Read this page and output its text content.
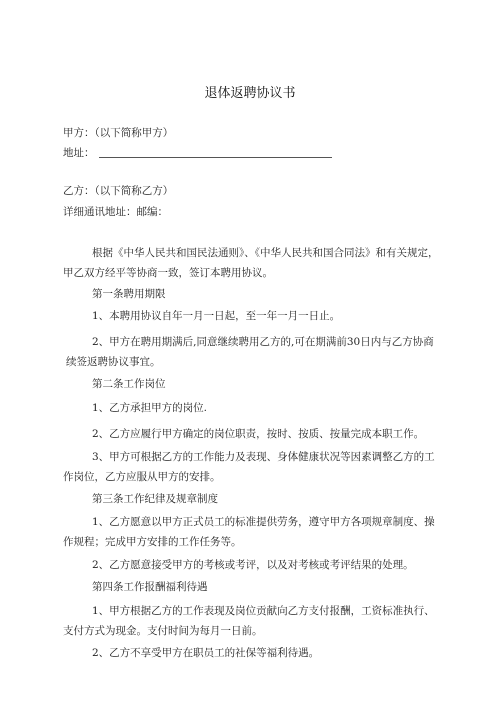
退体返聘协议书
甲方：（以下简称甲方）
地址：
乙方：（以下简称乙方）
详细通讯地址：邮编：
根据《中华人民共和国民法通则》、《中华人民共和国合同法》和有关规定，
甲乙双方经平等协商一致，签订本聘用协议。
第一条聘用期限
1、本聘用协议自年一月一日起，至一年一月一日止。
2、甲方在聘用期满后,同意继续聘用乙方的,可在期满前30日内与乙方协商
续签返聘协议事宜。
第二条工作岗位
1、乙方承担甲方的岗位.
2、乙方应履行甲方确定的岗位职责，按时、按质、按量完成本职工作。
3、甲方可根据乙方的工作能力及表现、身体健康状况等因素调整乙方的工
作岗位，乙方应服从甲方的安排。
第三条工作纪律及规章制度
1、乙方愿意以甲方正式员工的标准提供劳务，遵守甲方各项规章制度、操
作规程；完成甲方安排的工作任务等。
2、乙方愿意接受甲方的考核或考评，以及对考核或考评结果的处理。
第四条工作报酬福利待遇
1、甲方根据乙方的工作表现及岗位贡献向乙方支付报酬，工资标准执行、
支付方式为现金。支付时间为每月一日前。
2、乙方不享受甲方在职员工的社保等福利待遇。
